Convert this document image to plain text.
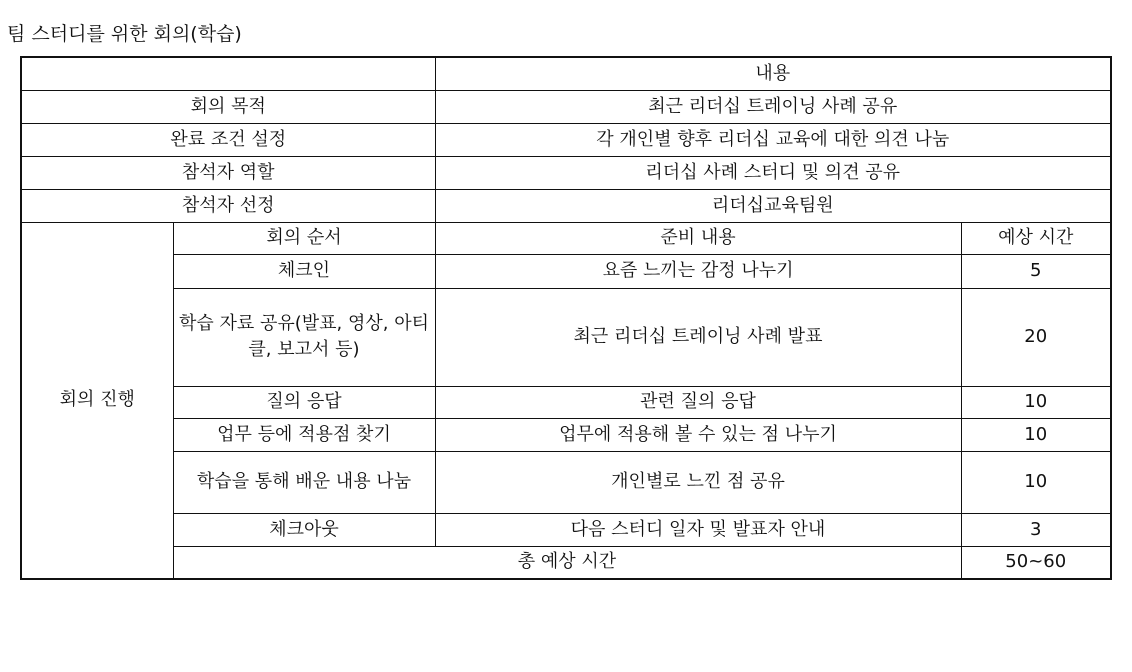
팀 스터디를 위한 회의(학습)
		내용	
회의 목적		최근 리더십 트레이닝 사례 공유	
완료 조건 설정		각 개인별 향후 리더십 교육에 대한 의견 나눔	
참석자 역할		리더십 사례 스터디 및 의견 공유	
참석자 선정		리더십교육팀원	
회의 진행	회의 순서	준비 내용	예상 시간
	체크인	요즘 느끼는 감정 나누기	5
	학습 자료 공유(발표, 영상, 아티클, 보고서 등)	최근 리더십 트레이닝 사례 발표	20
	질의 응답	관련 질의 응답	10
	업무 등에 적용점 찾기	업무에 적용해 볼 수 있는 점 나누기	10
	학습을 통해 배운 내용 나눔	개인별로 느낀 점 공유	10
	체크아웃	다음 스터디 일자 및 발표자 안내	3
	총 예상 시간		50~60
